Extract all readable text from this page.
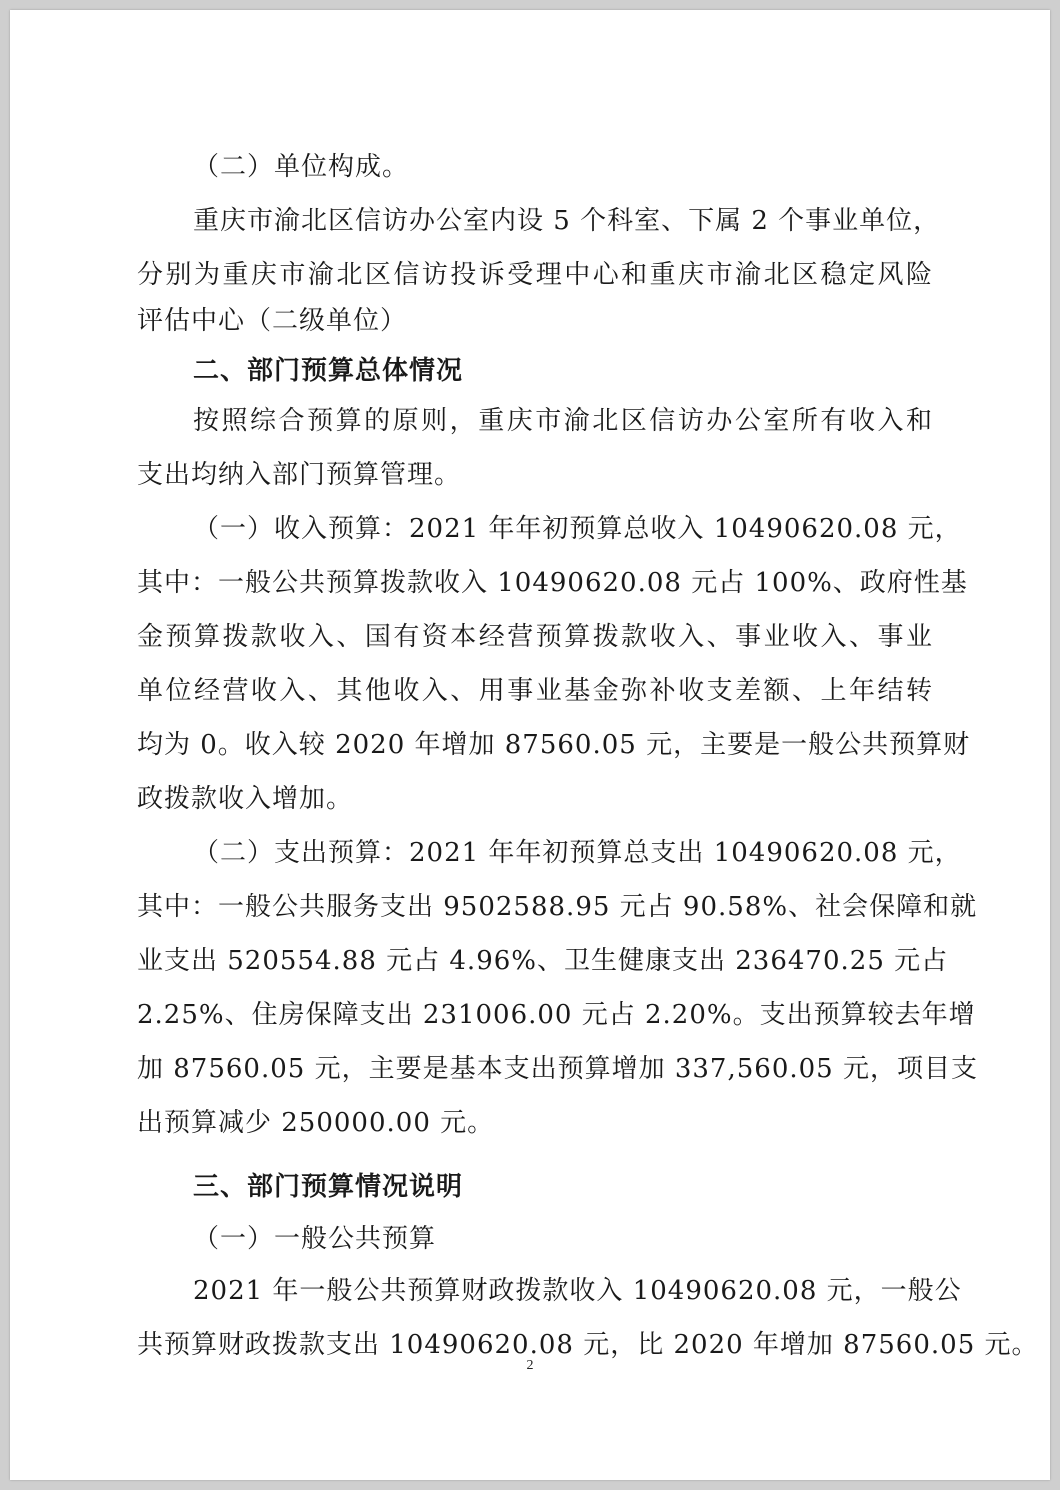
（二）单位构成。
重庆市渝北区信访办公室内设 5 个科室、下属 2 个事业单位，
分别为重庆市渝北区信访投诉受理中心和重庆市渝北区稳定风险
评估中心（二级单位）
二、部门预算总体情况
按照综合预算的原则，重庆市渝北区信访办公室所有收入和
支出均纳入部门预算管理。
（一）收入预算：2021 年年初预算总收入 10490620.08 元，
其中：一般公共预算拨款收入 10490620.08 元占 100%、政府性基
金预算拨款收入、国有资本经营预算拨款收入、事业收入、事业
单位经营收入、其他收入、用事业基金弥补收支差额、上年结转
均为 0。收入较 2020 年增加 87560.05 元，主要是一般公共预算财
政拨款收入增加。
（二）支出预算：2021 年年初预算总支出 10490620.08 元，
其中：一般公共服务支出 9502588.95 元占 90.58%、社会保障和就
业支出 520554.88 元占 4.96%、卫生健康支出 236470.25 元占
2.25%、住房保障支出 231006.00 元占 2.20%。支出预算较去年增
加 87560.05 元，主要是基本支出预算增加 337,560.05 元，项目支
出预算减少 250000.00 元。
三、部门预算情况说明
（一）一般公共预算
2021 年一般公共预算财政拨款收入 10490620.08 元，一般公
共预算财政拨款支出 10490620.08 元，比 2020 年增加 87560.05 元。
2
